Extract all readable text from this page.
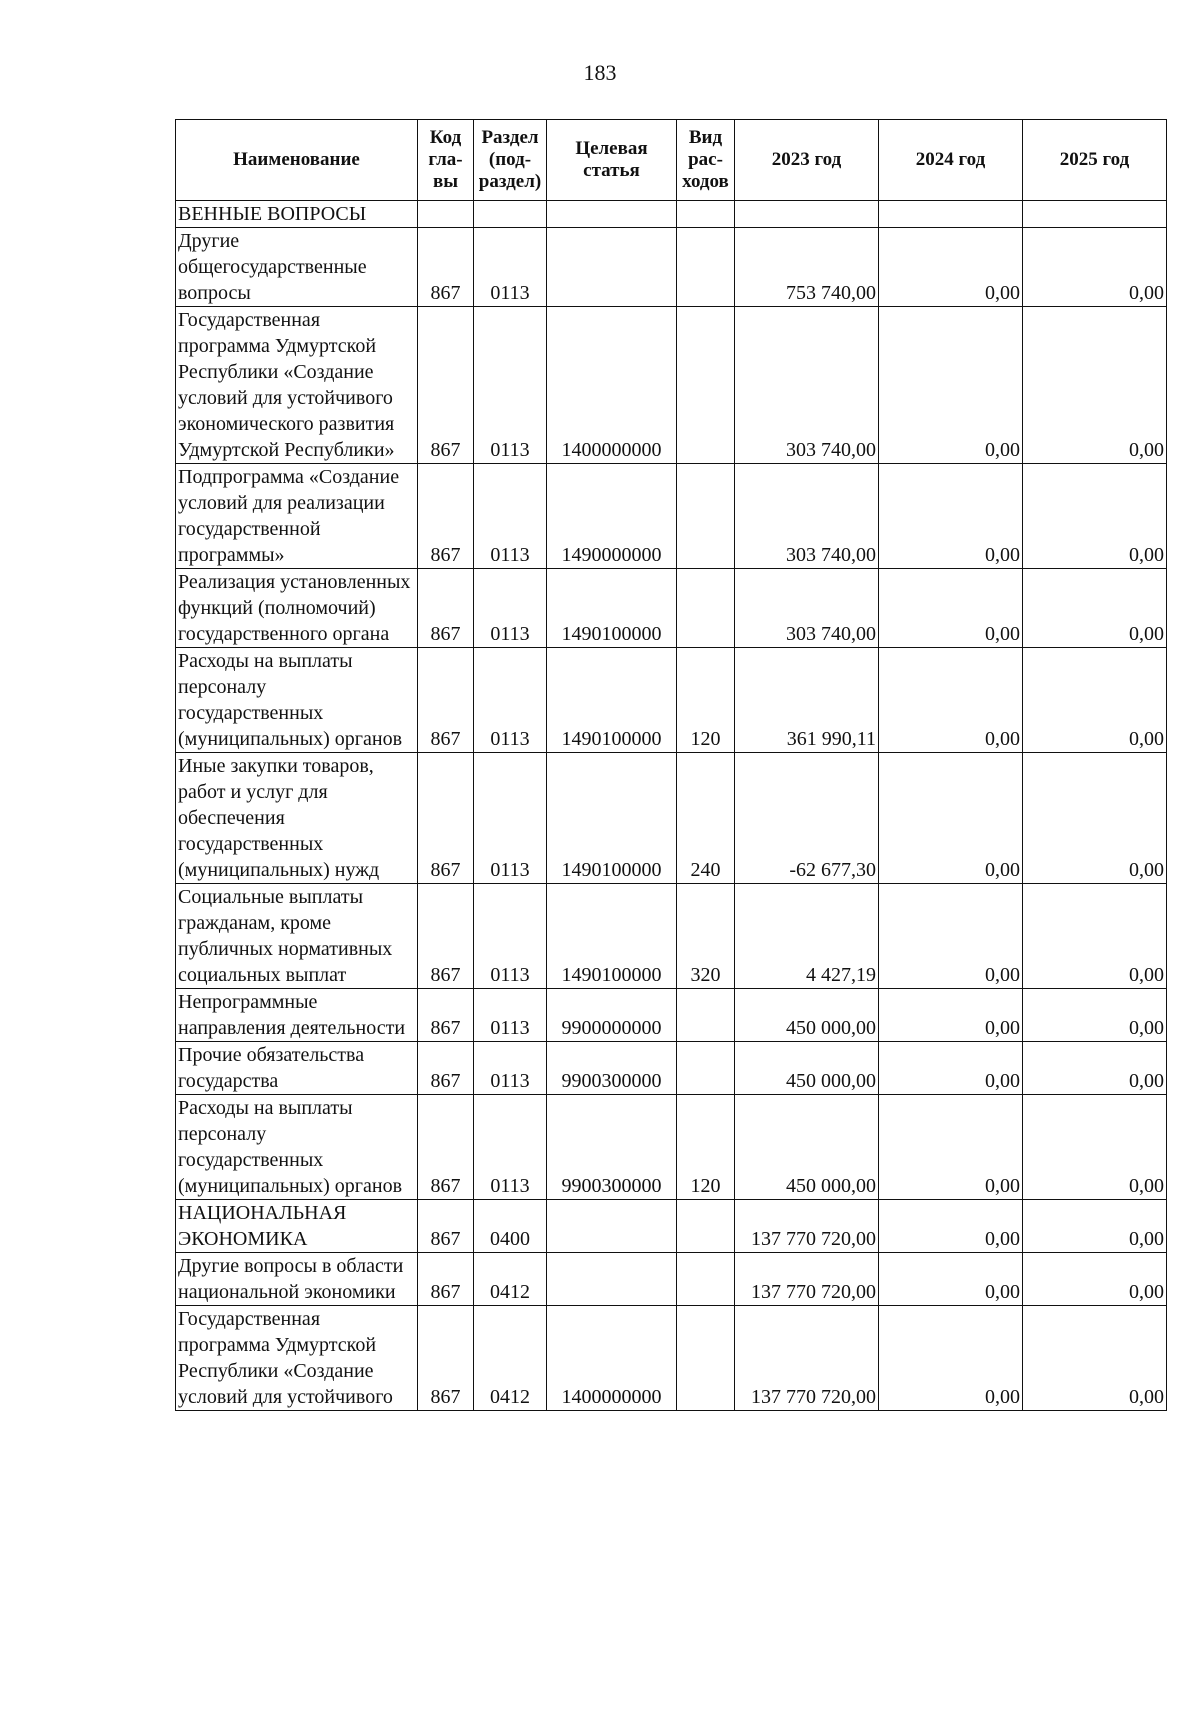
183
Наименование	Код гла-вы	Раздел (под-раздел)	Целевая статья	Вид рас-ходов	2023 год	2024 год	2025 год
ВЕННЫЕ ВОПРОСЫ							
Другие общегосударственные вопросы	867	0113			753 740,00	0,00	0,00
Государственная программа Удмуртской Республики «Создание условий для устойчивого экономического развития Удмуртской Республики»	867	0113	1400000000		303 740,00	0,00	0,00
Подпрограмма «Создание условий для реализации государственной программы»	867	0113	1490000000		303 740,00	0,00	0,00
Реализация установленных функций (полномочий) государственного органа	867	0113	1490100000		303 740,00	0,00	0,00
Расходы на выплаты персоналу государственных (муниципальных) органов	867	0113	1490100000	120	361 990,11	0,00	0,00
Иные закупки товаров, работ и услуг для обеспечения государственных (муниципальных) нужд	867	0113	1490100000	240	-62 677,30	0,00	0,00
Социальные выплаты гражданам, кроме публичных нормативных социальных выплат	867	0113	1490100000	320	4 427,19	0,00	0,00
Непрограммные направления деятельности	867	0113	9900000000		450 000,00	0,00	0,00
Прочие обязательства государства	867	0113	9900300000		450 000,00	0,00	0,00
Расходы на выплаты персоналу государственных (муниципальных) органов	867	0113	9900300000	120	450 000,00	0,00	0,00
НАЦИОНАЛЬНАЯ ЭКОНОМИКА	867	0400			137 770 720,00	0,00	0,00
Другие вопросы в области национальной экономики	867	0412			137 770 720,00	0,00	0,00
Государственная программа Удмуртской Республики «Создание условий для устойчивого	867	0412	1400000000		137 770 720,00	0,00	0,00
